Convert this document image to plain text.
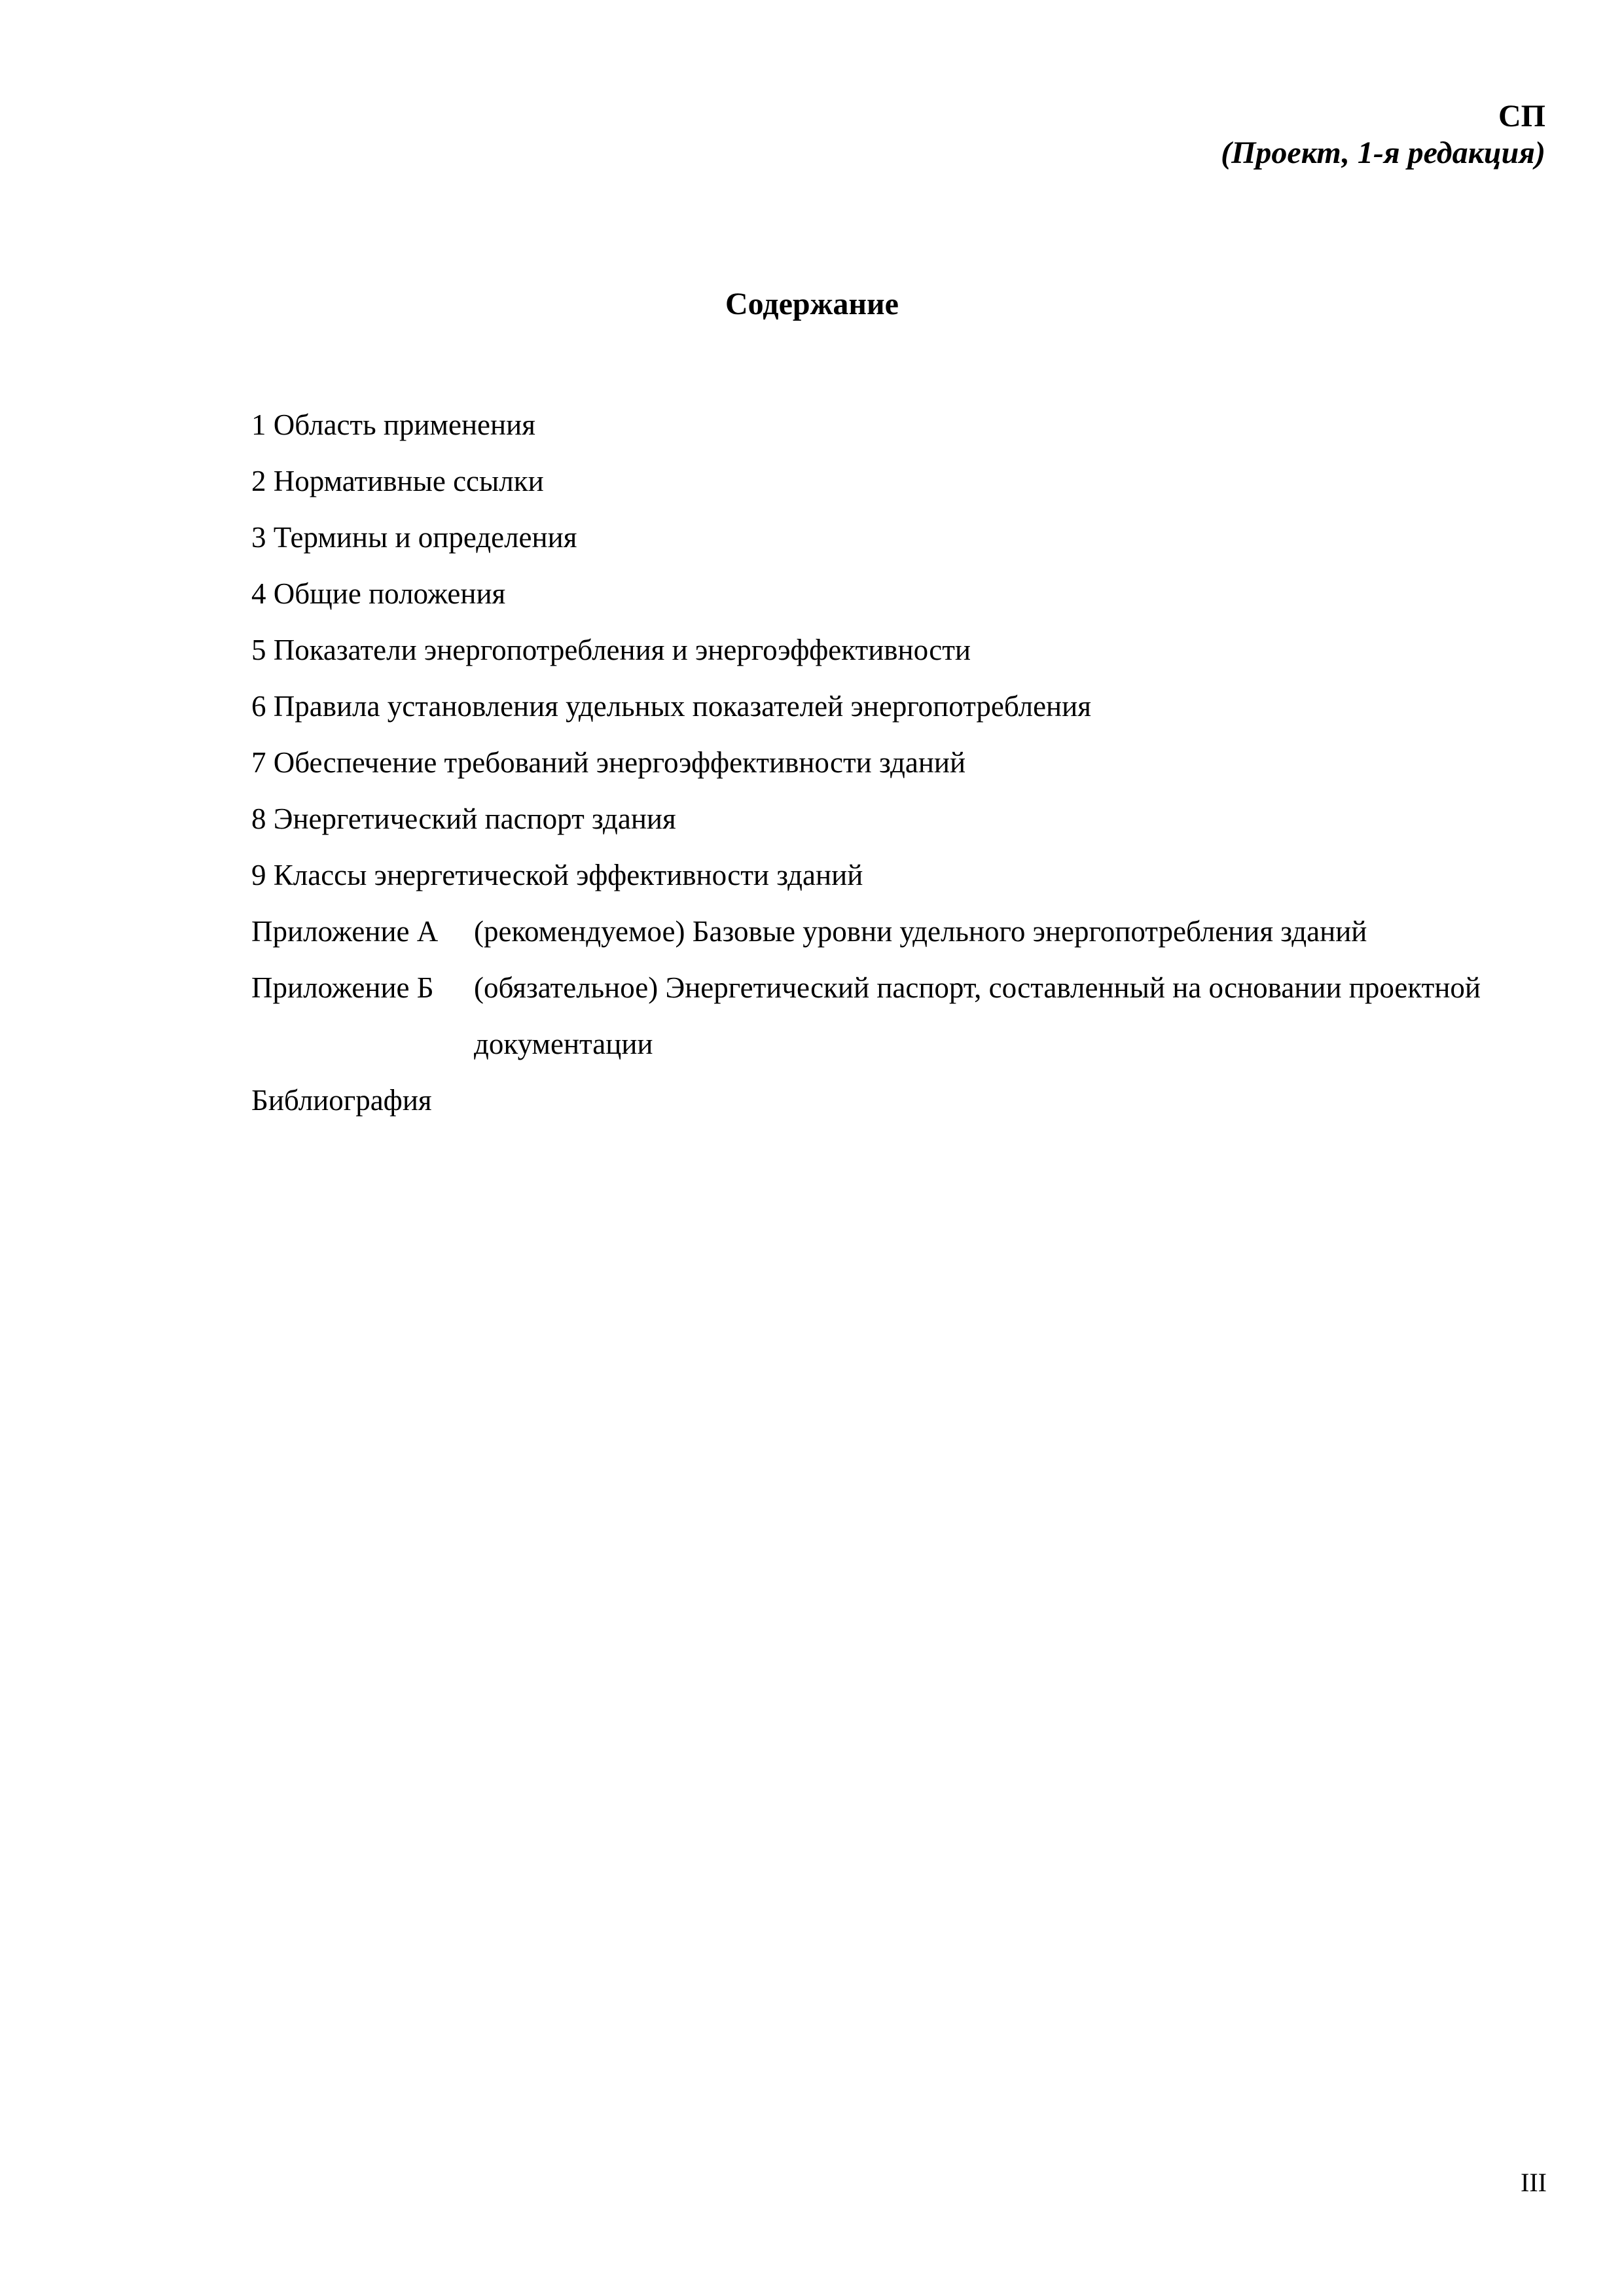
СП
(Проект, 1-я редакция)
Содержание
1 Область применения
2 Нормативные ссылки
3 Термины и определения
4 Общие положения
5 Показатели энергопотребления и энергоэффективности
6 Правила установления удельных показателей энергопотребления
7 Обеспечение требований энергоэффективности зданий
8 Энергетический паспорт здания
9 Классы энергетической эффективности зданий
Приложение А	(рекомендуемое) Базовые уровни удельного энергопотребления зданий
Приложение Б	(обязательное) Энергетический паспорт, составленный на основании проектной документации
Библиография
III
